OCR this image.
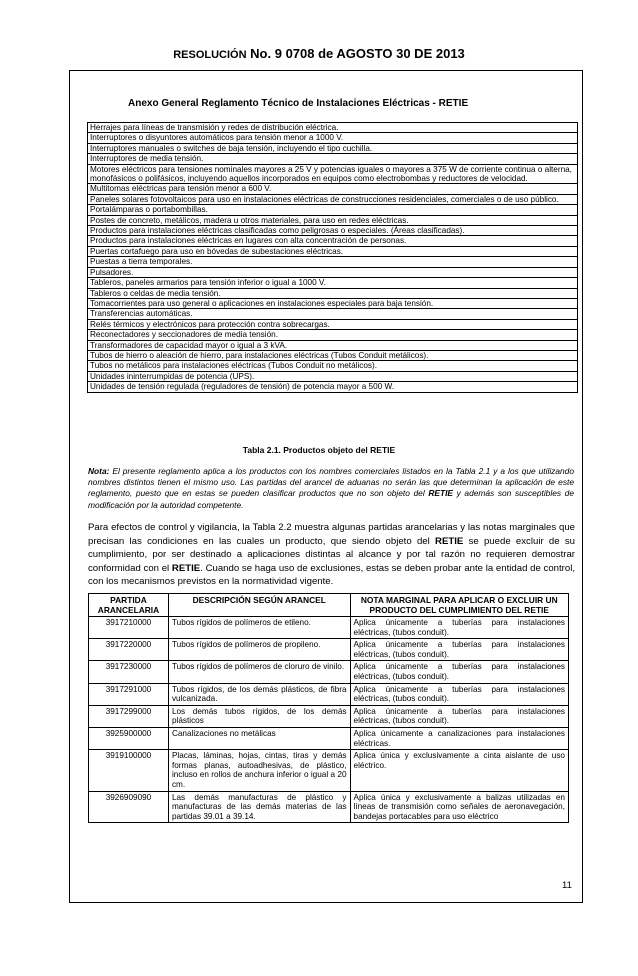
RESOLUCIÓN No. 9 0708 de AGOSTO 30 DE 2013
Anexo General Reglamento Técnico de Instalaciones Eléctricas - RETIE
Herrajes para líneas de transmisión y redes de distribución eléctrica.
Interruptores o disyuntores automáticos para tensión menor a 1000 V.
Interruptores manuales o switches de baja tensión, incluyendo el tipo cuchilla.
Interruptores de media tensión.
Motores eléctricos para tensiones nominales mayores a 25 V y potencias iguales o mayores a 375 W de corriente continua o alterna, monofásicos o polifásicos, incluyendo aquellos incorporados en equipos como electrobombas y reductores de velocidad.
Multitomas eléctricas para tensión menor a 600 V.
Paneles solares fotovoltaicos para uso en instalaciones eléctricas de construcciones residenciales, comerciales o de uso público.
Portalámparas o portabombillas.
Postes de concreto, metálicos, madera u otros materiales, para uso en redes eléctricas.
Productos para instalaciones eléctricas clasificadas como peligrosas o especiales. (Áreas clasificadas).
Productos para instalaciones eléctricas en lugares con alta concentración de personas.
Puertas cortafuego para uso en bóvedas de subestaciones eléctricas.
Puestas a tierra temporales.
Pulsadores.
Tableros, paneles armarios para tensión inferior o igual a 1000 V.
Tableros o celdas de media tensión.
Tomacorrientes para uso general o aplicaciones en instalaciones especiales para baja tensión.
Transferencias automáticas.
Relés térmicos y electrónicos para protección contra sobrecargas.
Reconectadores y seccionadores de media tensión.
Transformadores de capacidad mayor o igual a 3 kVA.
Tubos de hierro o aleación de hierro, para instalaciones eléctricas (Tubos Conduit metálicos).
Tubos no metálicos para instalaciones eléctricas (Tubos Conduit no metálicos).
Unidades ininterrumpidas de potencia (UPS).
Unidades de tensión regulada (reguladores de tensión) de potencia mayor a 500 W.
Tabla 2.1. Productos objeto del RETIE
Nota: El presente reglamento aplica a los productos con los nombres comerciales listados en la Tabla 2.1 y a los que utilizando nombres distintos tienen el mismo uso. Las partidas del arancel de aduanas no serán las que determinan la aplicación de este reglamento, puesto que en estas se pueden clasificar productos que no son objeto del RETIE y además son susceptibles de modificación por la autoridad competente.
Para efectos de control y vigilancia, la Tabla 2.2 muestra algunas partidas arancelarias y las notas marginales que precisan las condiciones en las cuales un producto, que siendo objeto del RETIE se puede excluir de su cumplimiento, por ser destinado a aplicaciones distintas al alcance y por tal razón no requieren demostrar conformidad con el RETIE. Cuando se haga uso de exclusiones, estas se deben probar ante la entidad de control, con los mecanismos previstos en la normatividad vigente.
PARTIDA ARANCELARIA	DESCRIPCIÓN SEGÚN ARANCEL	NOTA MARGINAL PARA APLICAR O EXCLUIR UN PRODUCTO DEL CUMPLIMIENTO DEL RETIE
3917210000	Tubos rígidos de polímeros de etileno.	Aplica únicamente a tuberías para instalaciones eléctricas, (tubos conduit).
3917220000	Tubos rígidos de polímeros de propileno.	Aplica únicamente a tuberías para instalaciones eléctricas, (tubos conduit).
3917230000	Tubos rígidos de polímeros de cloruro de vinilo.	Aplica únicamente a tuberías para instalaciones eléctricas, (tubos conduit).
3917291000	Tubos rígidos, de los demás plásticos, de fibra vulcanizada.	Aplica únicamente a tuberías para instalaciones eléctricas, (tubos conduit).
3917299000	Los demás tubos rígidos, de los demás plásticos	Aplica únicamente a tuberías para instalaciones eléctricas, (tubos conduit).
3925900000	Canalizaciones no metálicas	Aplica únicamente a canalizaciones para instalaciones eléctricas.
3919100000	Placas, láminas, hojas, cintas, tiras y demás formas planas, autoadhesivas, de plástico, incluso en rollos de anchura inferior o igual a 20 cm.	Aplica única y exclusivamente a cinta aislante de uso eléctrico.
3926909090	Las demás manufacturas de plástico y manufacturas de las demás materias de las partidas 39.01 a 39.14.	Aplica única y exclusivamente a balizas utilizadas en líneas de transmisión como señales de aeronavegación, bandejas portacables para uso eléctrico
11
